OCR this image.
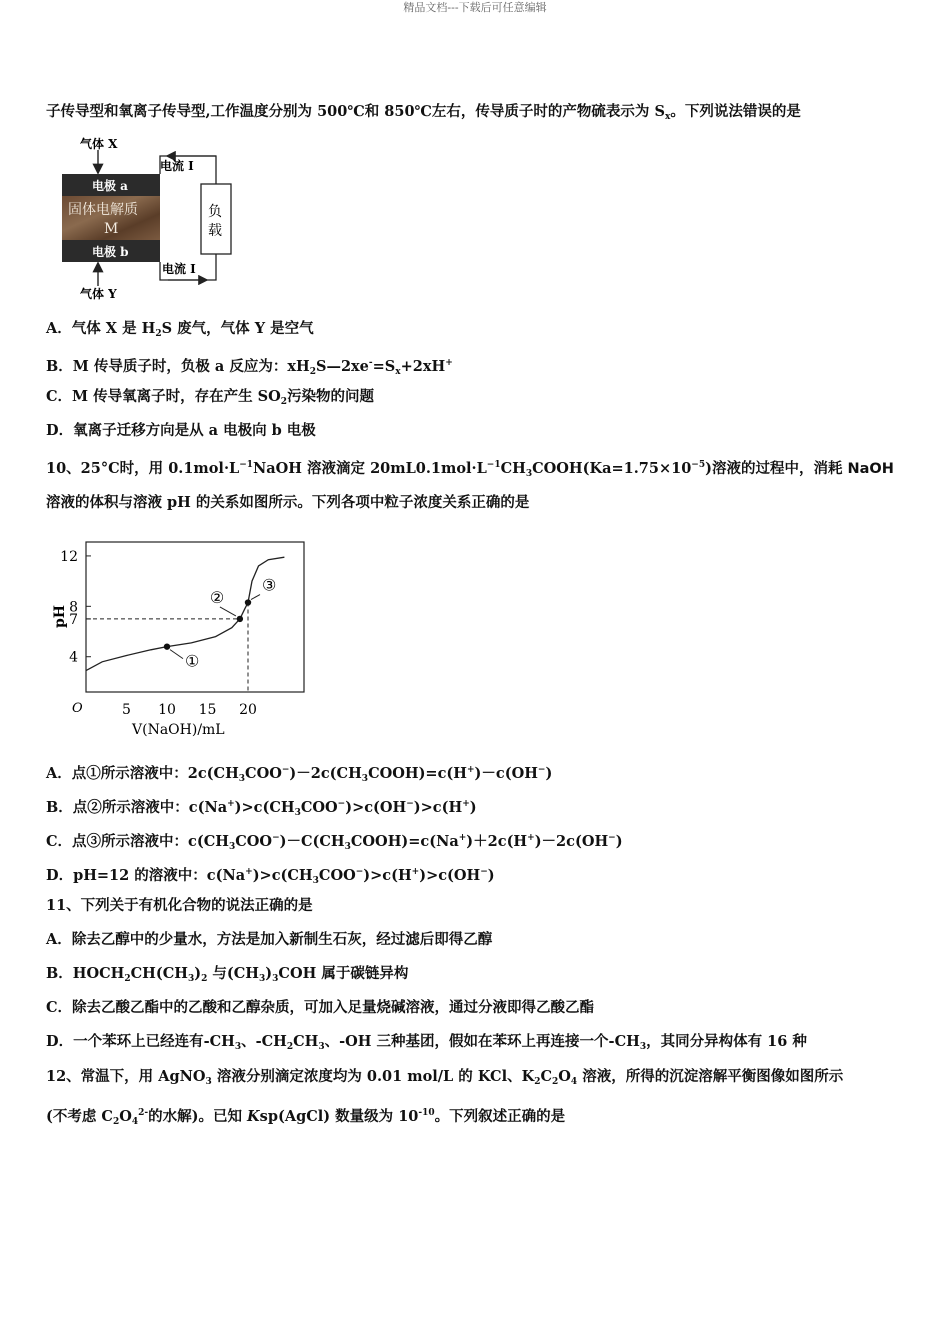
精品文档---下载后可任意编辑
子传导型和氧离子传导型,工作温度分别为 500℃和 850℃左右，传导质子时的产物硫表示为 $S_x$。下列说法错误的是
气体 X
电极 a
固体电解质
M
电极 b
电流 I
负
载
电流 I
气体 Y
A．气体 X 是 $H_2S$ 废气，气体 Y 是空气
B．M 传导质子时，负极 a 反应为：$xH_2S—2xe^-=S_x+2xH^+$
C．M 传导氧离子时，存在产生 $SO_2$污染物的问题
D．氧离子迁移方向是从 a 电极向 b 电极
10、25°C时，用 $0.1mol\cdot L^{-1}NaOH$ 溶液滴定 $20mL0.1mol\cdot L^{-1}CH_3COOH(Ka=1.75\times 10^{-5})$溶液的过程中，消耗 NaOH
溶液的体积与溶液 pH 的关系如图所示。下列各项中粒子浓度关系正确的是
4
7
8
12
5 10 15 20
①
②
③
pH
O
V(NaOH)/mL
A．点①所示溶液中：$2c(CH_3COO^-)-2c(CH_3COOH)=c(H^+)-c(OH^-)$
B．点②所示溶液中：$c(Na^+)>c(CH_3COO^-)>c(OH^-)>c(H^+)$
C．点③所示溶液中：$c(CH_3COO^-)-C(CH_3COOH)=c(Na^+)+2c(H^+)-2c(OH^-)$
D．pH=12 的溶液中：$c(Na^+)>c(CH_3COO^-)>c(H^+)>c(OH^-)$
11、下列关于有机化合物的说法正确的是
A．除去乙醇中的少量水，方法是加入新制生石灰，经过滤后即得乙醇
B．$HOCH_2CH(CH_3)_2$ 与$(CH_3)_3COH$ 属于碳链异构
C．除去乙酸乙酯中的乙酸和乙醇杂质，可加入足量烧碱溶液，通过分液即得乙酸乙酯
D．一个苯环上已经连有$-CH_3$、$-CH_2CH_3$、-OH 三种基团，假如在苯环上再连接一个$-CH_3$，其同分异构体有 16 种
12、常温下，用 AgNO$_3$ 溶液分别滴定浓度均为 0.01 mol/L 的 KCl、$K_2C_2O_4$ 溶液，所得的沉淀溶解平衡图像如图所示
(不考虑 $C_2O_4^{2-}$的水解)。已知 Ksp(AgCl) 数量级为 $10^{-10}$。下列叙述正确的是
